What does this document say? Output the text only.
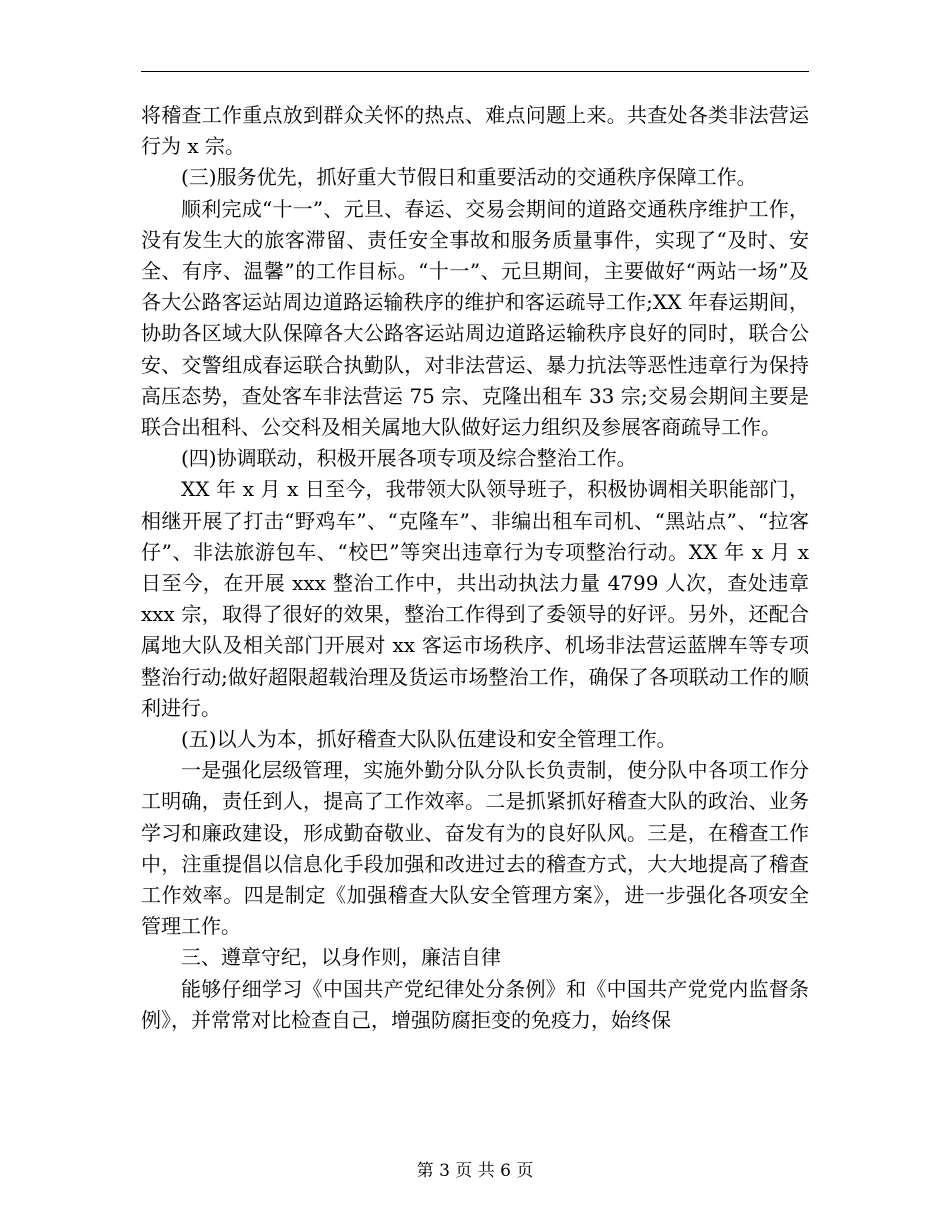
将稽查工作重点放到群众关怀的热点、难点问题上来。共查处各类非法营运行为 x 宗。

(三)服务优先，抓好重大节假日和重要活动的交通秩序保障工作。

顺利完成“十一”、元旦、春运、交易会期间的道路交通秩序维护工作，没有发生大的旅客滞留、责任安全事故和服务质量事件，实现了“及时、安全、有序、温馨”的工作目标。“十一”、元旦期间，主要做好“两站一场”及各大公路客运站周边道路运输秩序的维护和客运疏导工作;XX 年春运期间，协助各区域大队保障各大公路客运站周边道路运输秩序良好的同时，联合公安、交警组成春运联合执勤队，对非法营运、暴力抗法等恶性违章行为保持高压态势，查处客车非法营运 75 宗、克隆出租车 33 宗;交易会期间主要是联合出租科、公交科及相关属地大队做好运力组织及参展客商疏导工作。

(四)协调联动，积极开展各项专项及综合整治工作。

XX 年 x 月 x 日至今，我带领大队领导班子，积极协调相关职能部门，相继开展了打击“野鸡车”、“克隆车”、非编出租车司机、“黑站点”、“拉客仔”、非法旅游包车、“校巴”等突出违章行为专项整治行动。XX 年 x 月 x 日至今，在开展 xxx 整治工作中，共出动执法力量 4799 人次，查处违章 xxx 宗，取得了很好的效果，整治工作得到了委领导的好评。另外，还配合属地大队及相关部门开展对 xx 客运市场秩序、机场非法营运蓝牌车等专项整治行动;做好超限超载治理及货运市场整治工作，确保了各项联动工作的顺利进行。

(五)以人为本，抓好稽查大队队伍建设和安全管理工作。

一是强化层级管理，实施外勤分队分队长负责制，使分队中各项工作分工明确，责任到人，提高了工作效率。二是抓紧抓好稽查大队的政治、业务学习和廉政建设，形成勤奋敬业、奋发有为的良好队风。三是，在稽查工作中，注重提倡以信息化手段加强和改进过去的稽查方式，大大地提高了稽查工作效率。四是制定《加强稽查大队安全管理方案》，进一步强化各项安全管理工作。

三、遵章守纪，以身作则，廉洁自律

能够仔细学习《中国共产党纪律处分条例》和《中国共产党党内监督条例》，并常常对比检查自己，增强防腐拒变的免疫力，始终保

第 3 页 共 6 页
